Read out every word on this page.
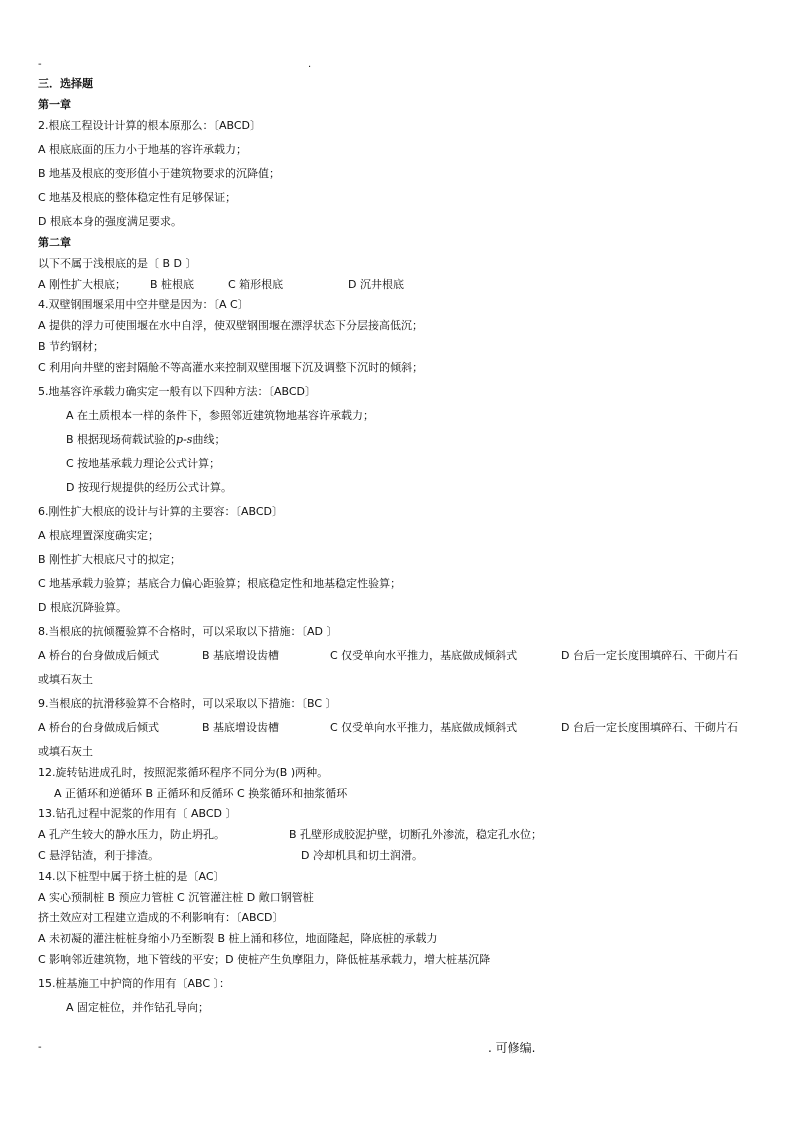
-	.
三．选择题
第一章
2.根底工程设计计算的根本原那么：〔ABCD〕
A 根底底面的压力小于地基的容许承载力；
B 地基及根底的变形值小于建筑物要求的沉降值；
C 地基及根底的整体稳定性有足够保证；
D 根底本身的强度满足要求。
第二章
以下不属于浅根底的是〔 B D 〕
A 刚性扩大根底； B 桩根底	C 箱形根底	D 沉井根底
4.双壁钢围堰采用中空井壁是因为：〔A C〕
A 提供的浮力可使围堰在水中自浮，使双壁钢围堰在漂浮状态下分层接高低沉；
B 节约钢材；
C 利用向井壁的密封隔舱不等高灌水来控制双壁围堰下沉及调整下沉时的倾斜；
5.地基容许承载力确实定一般有以下四种方法：〔ABCD〕
A 在土质根本一样的条件下，参照邻近建筑物地基容许承载力；
B 根据现场荷载试验的p-s曲线；
C 按地基承载力理论公式计算；
D 按现行规提供的经历公式计算。
6.刚性扩大根底的设计与计算的主要容：〔ABCD〕
A 根底埋置深度确实定；
B 刚性扩大根底尺寸的拟定；
C 地基承载力验算；基底合力偏心距验算；根底稳定性和地基稳定性验算；
D 根底沉降验算。
8.当根底的抗倾覆验算不合格时，可以采取以下措施：〔AD 〕
A 桥台的台身做成后倾式	B 基底增设齿槽	C 仅受单向水平推力，基底做成倾斜式	D 台后一定长度围填碎石、干砌片石
或填石灰土
9.当根底的抗滑移验算不合格时，可以采取以下措施：〔BC 〕
A 桥台的台身做成后倾式	B 基底增设齿槽	C 仅受单向水平推力，基底做成倾斜式	D 台后一定长度围填碎石、干砌片石
或填石灰土
12.旋转钻进成孔时，按照泥浆循环程序不同分为(B )两种。
A 正循环和逆循环 B 正循环和反循环 C 换浆循环和抽浆循环
13.钻孔过程中泥浆的作用有〔 ABCD 〕
A 孔产生较大的静水压力，防止坍孔。	B 孔壁形成胶泥护壁，切断孔外渗流，稳定孔水位；
C 悬浮钻渣，利于排渣。	D 冷却机具和切土润滑。
14.以下桩型中属于挤土桩的是〔AC〕
A 实心预制桩 B 预应力管桩 C 沉管灌注桩 D 敞口钢管桩
挤土效应对工程建立造成的不利影响有：〔ABCD〕
A 未初凝的灌注桩桩身缩小乃至断裂 B 桩上涌和移位，地面隆起，降底桩的承载力
C 影响邻近建筑物，地下管线的平安；D 使桩产生负摩阻力，降低桩基承载力，增大桩基沉降
15.桩基施工中护筒的作用有〔ABC 〕：
A 固定桩位，并作钻孔导向；
-	. 可修编.
